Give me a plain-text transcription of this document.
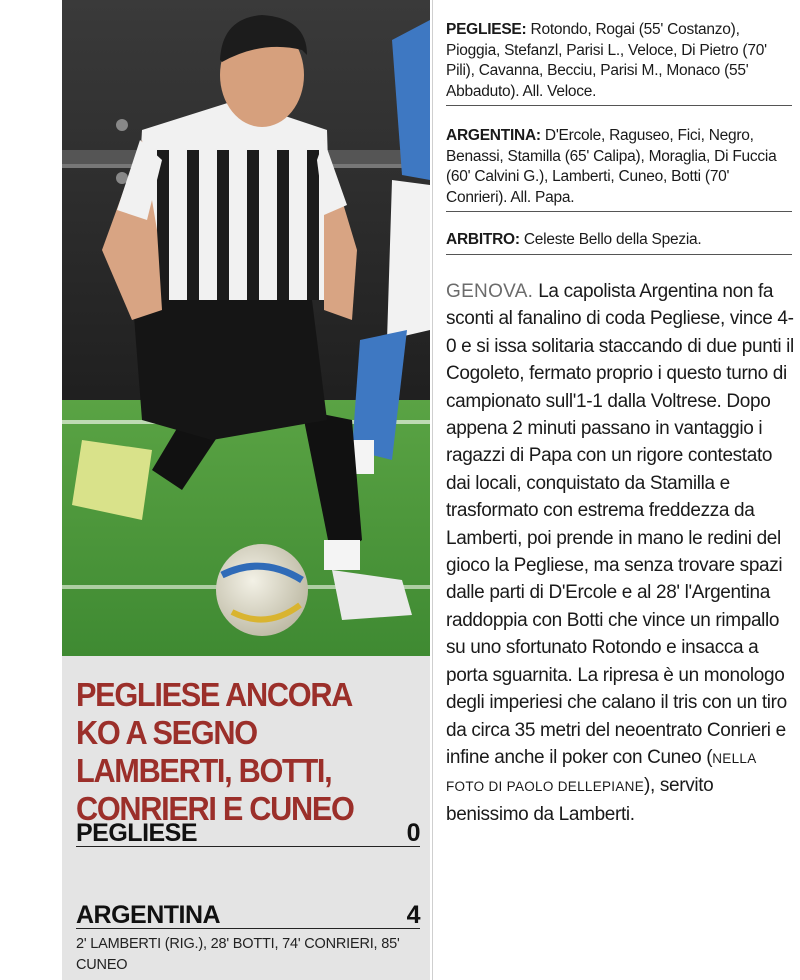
PEGLIESE ANCORA KO A SEGNO LAMBERTI, BOTTI, CONRIERI E CUNEO
PEGLIESE	0
ARGENTINA	4
2' LAMBERTI (RIG.), 28' BOTTI, 74' CONRIERI, 85' CUNEO
PEGLIESE: Rotondo, Rogai (55' Costanzo), Pioggia, Stefanzl, Parisi L., Veloce, Di Pietro (70' Pili), Cavanna, Becciu, Parisi M., Monaco (55' Abbaduto). All. Veloce.
ARGENTINA: D'Ercole, Raguseo, Fici, Negro, Benassi, Stamilla (65' Calipa), Moraglia, Di Fuccia (60' Calvini G.), Lamberti, Cuneo, Botti (70' Conrieri). All. Papa.
ARBITRO: Celeste Bello della Spezia.
GENOVA. La capolista Argentina non fa sconti al fanalino di coda Pegliese, vince 4-0 e si issa solitaria staccando di due punti il Cogoleto, fermato proprio i questo turno di campionato sull'1-1 dalla Voltrese. Dopo appena 2 minuti passano in vantaggio i ragazzi di Papa con un rigore contestato dai locali, conquistato da Stamilla e trasformato con estrema freddezza da Lamberti, poi prende in mano le redini del gioco la Pegliese, ma senza trovare spazi dalle parti di D'Ercole e al 28' l'Argentina raddoppia con Botti che vince un rimpallo su uno sfortunato Rotondo e insacca a porta sguarnita. La ripresa è un monologo degli imperiesi che calano il tris con un tiro da circa 35 metri del neoentrato Conrieri e infine anche il poker con Cuneo (NELLA FOTO DI PAOLO DELLEPIANE), servito benissimo da Lamberti.
